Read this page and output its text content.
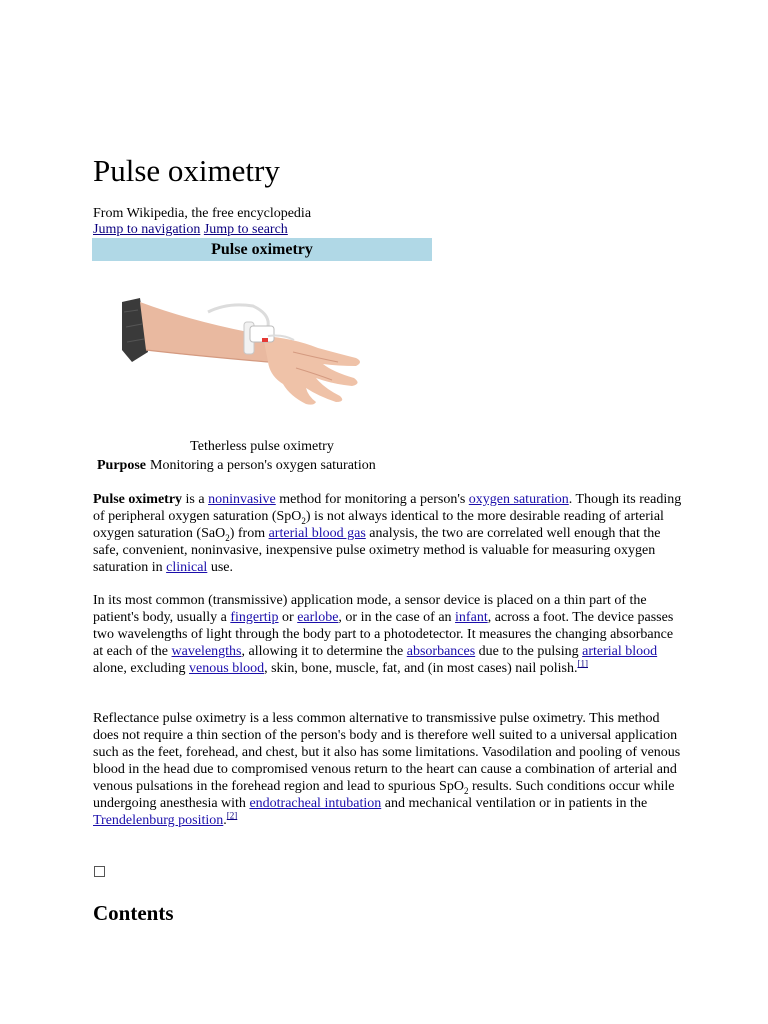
Pulse oximetry
From Wikipedia, the free encyclopedia
Jump to navigation Jump to search
Pulse oximetry
Tetherless pulse oximetry
Purpose Monitoring a person's oxygen saturation

Pulse oximetry is a noninvasive method for monitoring a person's oxygen saturation. Though its reading of peripheral oxygen saturation (SpO$_2$) is not always identical to the more desirable reading of arterial oxygen saturation (SaO$_2$) from arterial blood gas analysis, the two are correlated well enough that the safe, convenient, noninvasive, inexpensive pulse oximetry method is valuable for measuring oxygen saturation in clinical use.

In its most common (transmissive) application mode, a sensor device is placed on a thin part of the patient's body, usually a fingertip or earlobe, or in the case of an infant, across a foot. The device passes two wavelengths of light through the body part to a photodetector. It measures the changing absorbance at each of the wavelengths, allowing it to determine the absorbances due to the pulsing arterial blood alone, excluding venous blood, skin, bone, muscle, fat, and (in most cases) nail polish.[1]

Reflectance pulse oximetry is a less common alternative to transmissive pulse oximetry. This method does not require a thin section of the person's body and is therefore well suited to a universal application such as the feet, forehead, and chest, but it also has some limitations. Vasodilation and pooling of venous blood in the head due to compromised venous return to the heart can cause a combination of arterial and venous pulsations in the forehead region and lead to spurious SpO$_2$ results. Such conditions occur while undergoing anesthesia with endotracheal intubation and mechanical ventilation or in patients in the Trendelenburg position.[2]

Contents
